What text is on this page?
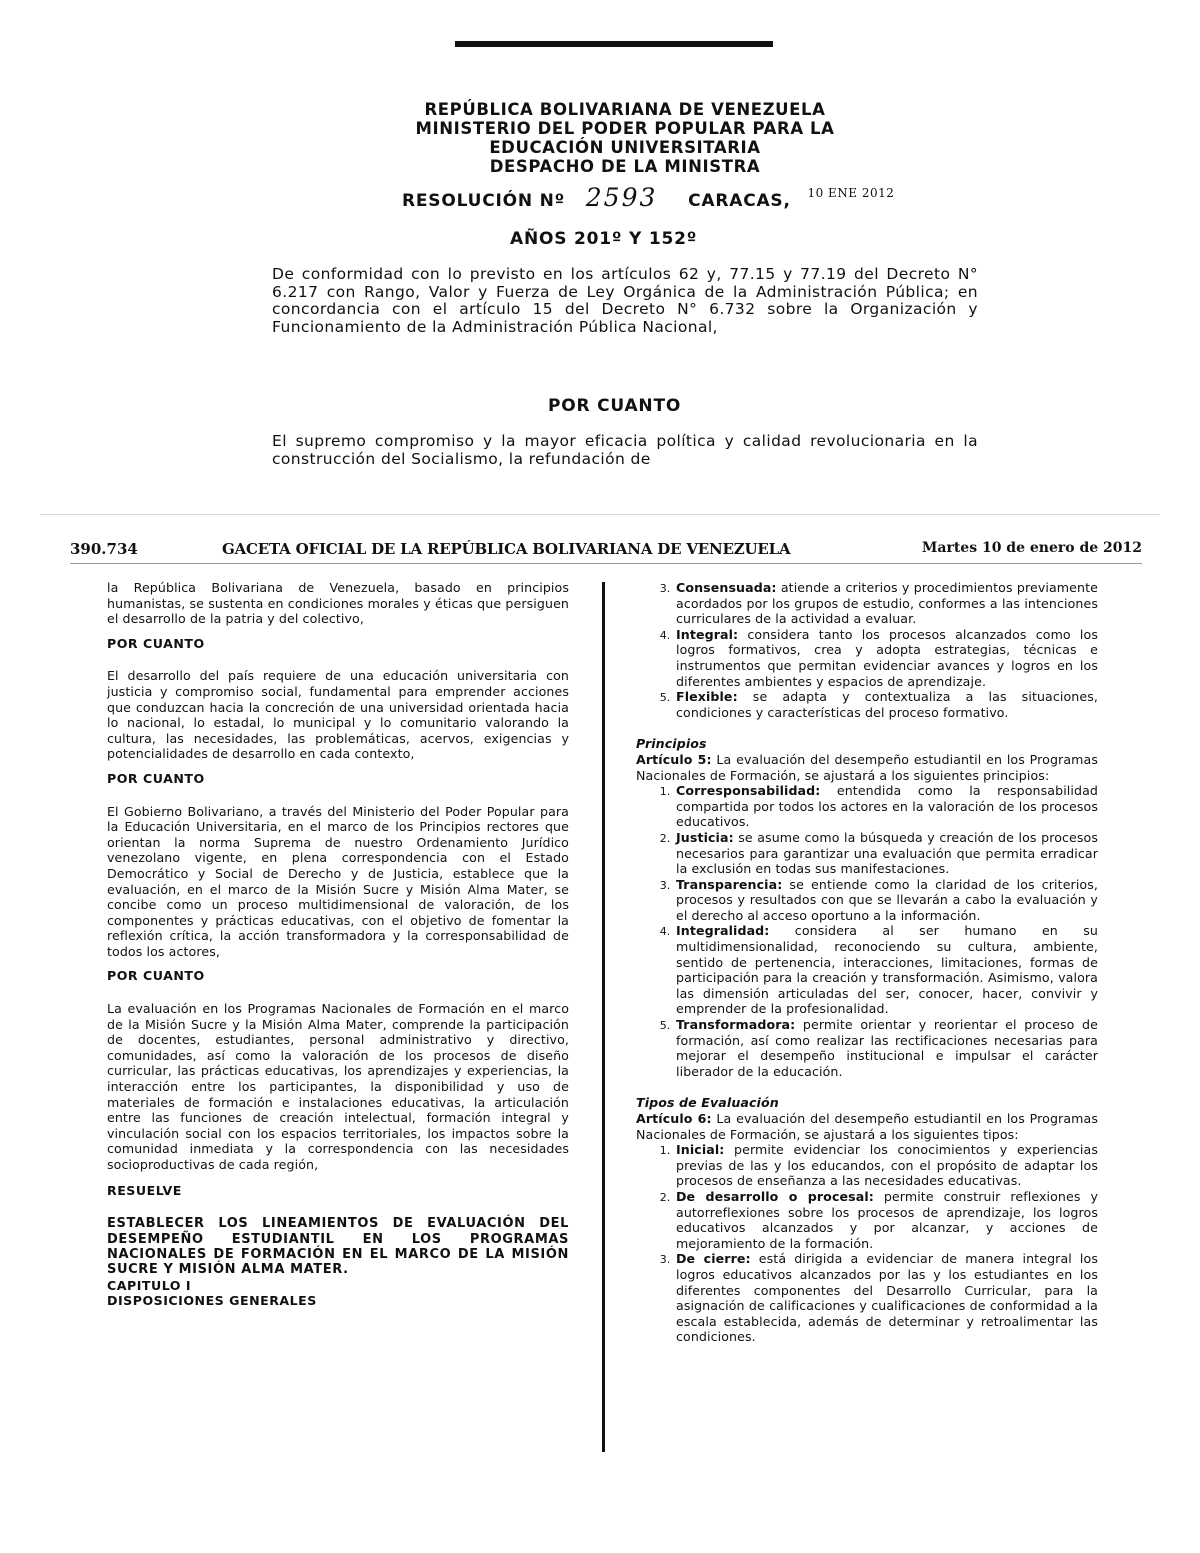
REPÚBLICA BOLIVARIANA DE VENEZUELA
MINISTERIO DEL PODER POPULAR PARA LA
EDUCACIÓN UNIVERSITARIA
DESPACHO DE LA MINISTRA
RESOLUCIÓN Nº 2593 CARACAS, $^{10 ENE 2012}$
AÑOS 201º Y 152º
De conformidad con lo previsto en los artículos 62 y, 77.15 y 77.19 del Decreto N° 6.217 con Rango, Valor y Fuerza de Ley Orgánica de la Administración Pública; en concordancia con el artículo 15 del Decreto N° 6.732 sobre la Organización y Funcionamiento de la Administración Pública Nacional,
POR CUANTO
El supremo compromiso y la mayor eficacia política y calidad revolucionaria en la construcción del Socialismo, la refundación de
390.734	GACETA OFICIAL DE LA REPÚBLICA BOLIVARIANA DE VENEZUELA	Martes 10 de enero de 2012

la República Bolivariana de Venezuela, basado en principios humanistas, se sustenta en condiciones morales y éticas que persiguen el desarrollo de la patria y del colectivo,

POR CUANTO

El desarrollo del país requiere de una educación universitaria con justicia y compromiso social, fundamental para emprender acciones que conduzcan hacia la concreción de una universidad orientada hacia lo nacional, lo estadal, lo municipal y lo comunitario valorando la cultura, las necesidades, las problemáticas, acervos, exigencias y potencialidades de desarrollo en cada contexto,

POR CUANTO

El Gobierno Bolivariano, a través del Ministerio del Poder Popular para la Educación Universitaria, en el marco de los Principios rectores que orientan la norma Suprema de nuestro Ordenamiento Jurídico venezolano vigente, en plena correspondencia con el Estado Democrático y Social de Derecho y de Justicia, establece que la evaluación, en el marco de la Misión Sucre y Misión Alma Mater, se concibe como un proceso multidimensional de valoración, de los componentes y prácticas educativas, con el objetivo de fomentar la reflexión crítica, la acción transformadora y la corresponsabilidad de todos los actores,

POR CUANTO

La evaluación en los Programas Nacionales de Formación en el marco de la Misión Sucre y la Misión Alma Mater, comprende la participación de docentes, estudiantes, personal administrativo y directivo, comunidades, así como la valoración de los procesos de diseño curricular, las prácticas educativas, los aprendizajes y experiencias, la interacción entre los participantes, la disponibilidad y uso de materiales de formación e instalaciones educativas, la articulación entre las funciones de creación intelectual, formación integral y vinculación social con los espacios territoriales, los impactos sobre la comunidad inmediata y la correspondencia con las necesidades socioproductivas de cada región,

RESUELVE

ESTABLECER LOS LINEAMIENTOS DE EVALUACIÓN DEL DESEMPEÑO ESTUDIANTIL EN LOS PROGRAMAS NACIONALES DE FORMACIÓN EN EL MARCO DE LA MISIÓN SUCRE Y MISIÓN ALMA MATER.

CAPITULO I

DISPOSICIONES GENERALES

3. Consensuada: atiende a criterios y procedimientos previamente acordados por los grupos de estudio, conformes a las intenciones curriculares de la actividad a evaluar.
4. Integral: considera tanto los procesos alcanzados como los logros formativos, crea y adopta estrategias, técnicas e instrumentos que permitan evidenciar avances y logros en los diferentes ambientes y espacios de aprendizaje.
5. Flexible: se adapta y contextualiza a las situaciones, condiciones y características del proceso formativo.

Principios

Artículo 5: La evaluación del desempeño estudiantil en los Programas Nacionales de Formación, se ajustará a los siguientes principios:

1. Corresponsabilidad: entendida como la responsabilidad compartida por todos los actores en la valoración de los procesos educativos.
2. Justicia: se asume como la búsqueda y creación de los procesos necesarios para garantizar una evaluación que permita erradicar la exclusión en todas sus manifestaciones.
3. Transparencia: se entiende como la claridad de los criterios, procesos y resultados con que se llevarán a cabo la evaluación y el derecho al acceso oportuno a la información.
4. Integralidad: considera al ser humano en su multidimensionalidad, reconociendo su cultura, ambiente, sentido de pertenencia, interacciones, limitaciones, formas de participación para la creación y transformación. Asimismo, valora las dimensión articuladas del ser, conocer, hacer, convivir y emprender de la profesionalidad.
5. Transformadora: permite orientar y reorientar el proceso de formación, así como realizar las rectificaciones necesarias para mejorar el desempeño institucional e impulsar el carácter liberador de la educación.

Tipos de Evaluación

Artículo 6: La evaluación del desempeño estudiantil en los Programas Nacionales de Formación, se ajustará a los siguientes tipos:

1. Inicial: permite evidenciar los conocimientos y experiencias previas de las y los educandos, con el propósito de adaptar los procesos de enseñanza a las necesidades educativas.
2. De desarrollo o procesal: permite construir reflexiones y autorreflexiones sobre los procesos de aprendizaje, los logros educativos alcanzados y por alcanzar, y acciones de mejoramiento de la formación.
3. De cierre: está dirigida a evidenciar de manera integral los logros educativos alcanzados por las y los estudiantes en los diferentes componentes del Desarrollo Curricular, para la asignación de calificaciones y cualificaciones de conformidad a la escala establecida, además de determinar y retroalimentar las condiciones.
